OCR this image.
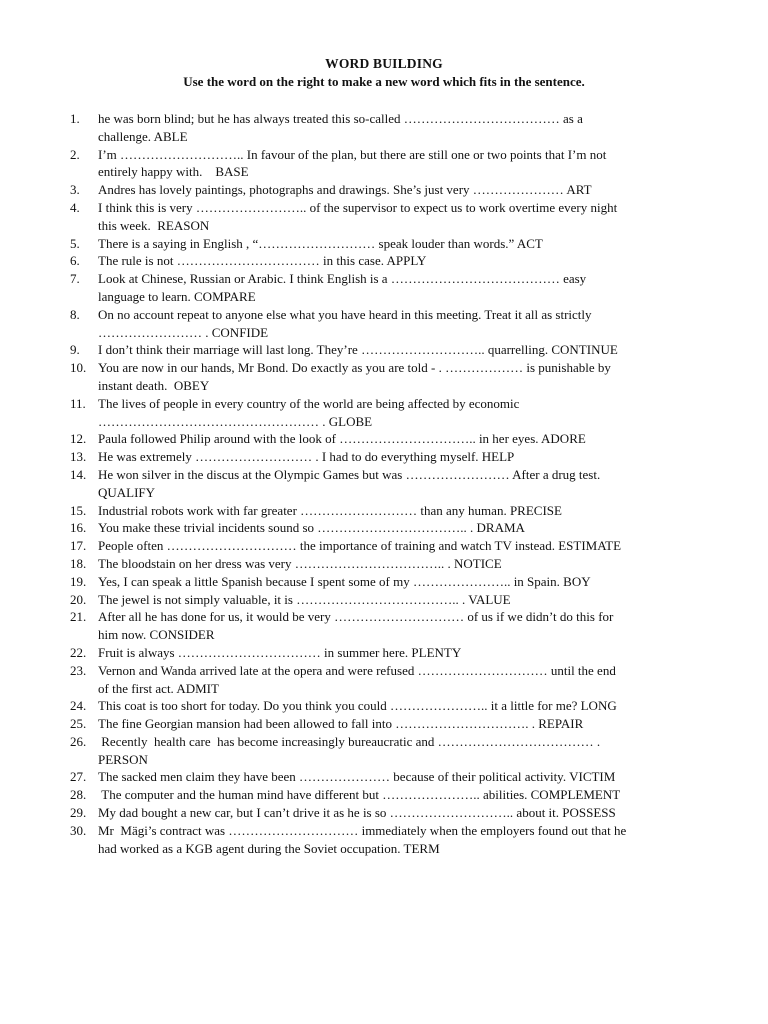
WORD BUILDING
Use the word on the right to make a new word which fits in the sentence.
1.	he was born blind; but he has always treated this so-called ……………………………… as a
challenge. ABLE
2.	I’m ……………………….. In favour of the plan, but there are still one or two points that I’m not
entirely happy with.    BASE
3.	Andres has lovely paintings, photographs and drawings. She’s just very ………………… ART
4.	I think this is very …………………….. of the supervisor to expect us to work overtime every night
this week.  REASON
5.	There is a saying in English , “……………………… speak louder than words.” ACT
6.	The rule is not …………………………… in this case. APPLY
7.	Look at Chinese, Russian or Arabic. I think English is a ………………………………… easy
language to learn. COMPARE
8.	On no account repeat to anyone else what you have heard in this meeting. Treat it all as strictly
…………………… . CONFIDE
9.	I don’t think their marriage will last long. They’re ……………………….. quarrelling. CONTINUE
10. You are now in our hands, Mr Bond. Do exactly as you are told - . ……………… is punishable by
instant death.  OBEY
11. The lives of people in every country of the world are being affected by economic
…………………………………………… . GLOBE
12. Paula followed Philip around with the look of ………………………….. in her eyes. ADORE
13. He was extremely ……………………… . I had to do everything myself. HELP
14. He won silver in the discus at the Olympic Games but was …………………… After a drug test.
QUALIFY
15. Industrial robots work with far greater ……………………… than any human. PRECISE
16. You make these trivial incidents sound so …………………………….. . DRAMA
17. People often ………………………… the importance of training and watch TV instead. ESTIMATE
18. The bloodstain on her dress was very …………………………….. . NOTICE
19. Yes, I can speak a little Spanish because I spent some of my ………………….. in Spain. BOY
20. The jewel is not simply valuable, it is ……………………………….. . VALUE
21. After all he has done for us, it would be very ………………………… of us if we didn’t do this for
him now. CONSIDER
22. Fruit is always …………………………… in summer here. PLENTY
23. Vernon and Wanda arrived late at the opera and were refused ………………………… until the end
of the first act. ADMIT
24. This coat is too short for today. Do you think you could ………………….. it a little for me? LONG
25. The fine Georgian mansion had been allowed to fall into …………………………. . REPAIR
26.	Recently  health care  has become increasingly bureaucratic and ……………………………… .
PERSON
27. The sacked men claim they have been ………………… because of their political activity. VICTIM
28. The computer and the human mind have different but ………………….. abilities. COMPLEMENT
29. My dad bought a new car, but I can’t drive it as he is so ……………………….. about it. POSSESS
30. Mr  Mägi’s contract was ………………………… immediately when the employers found out that he
had worked as a KGB agent during the Soviet occupation. TERM
